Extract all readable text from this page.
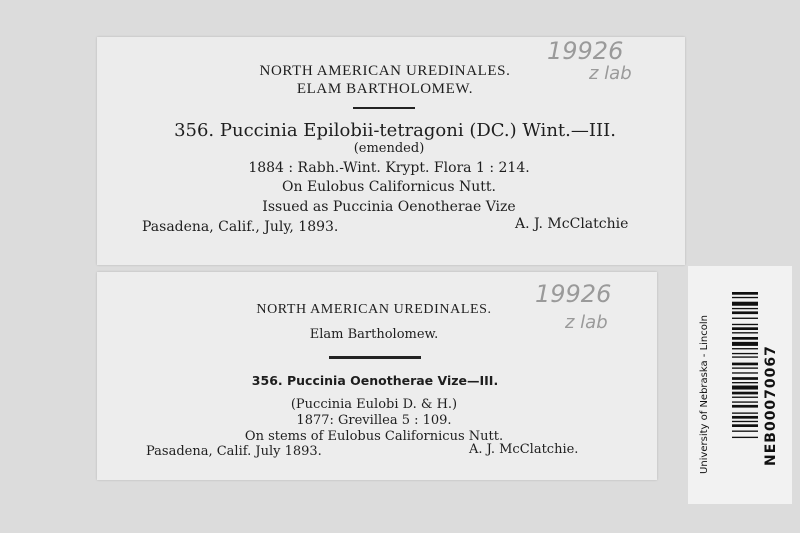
19926
z lab
NORTH AMERICAN UREDINALES.
ELAM BARTHOLOMEW.
356. Puccinia Epilobii-tetragoni (DC.) Wint.—III.
(emended)
1884 : Rabh.-Wint. Krypt. Flora 1 : 214.
On Eulobus Californicus Nutt.
Issued as Puccinia Oenotherae Vize
Pasadena, Calif., July, 1893.	A. J. McClatchie
19926
z lab
NORTH AMERICAN UREDINALES.
Elam Bartholomew.
356. Puccinia Oenotherae Vize—III.
(Puccinia Eulobi D. & H.)
1877: Grevillea 5 : 109.
On stems of Eulobus Californicus Nutt.
Pasadena, Calif. July 1893.	A. J. McClatchie.	University of Nebraska - Lincoln	NEB00070067
